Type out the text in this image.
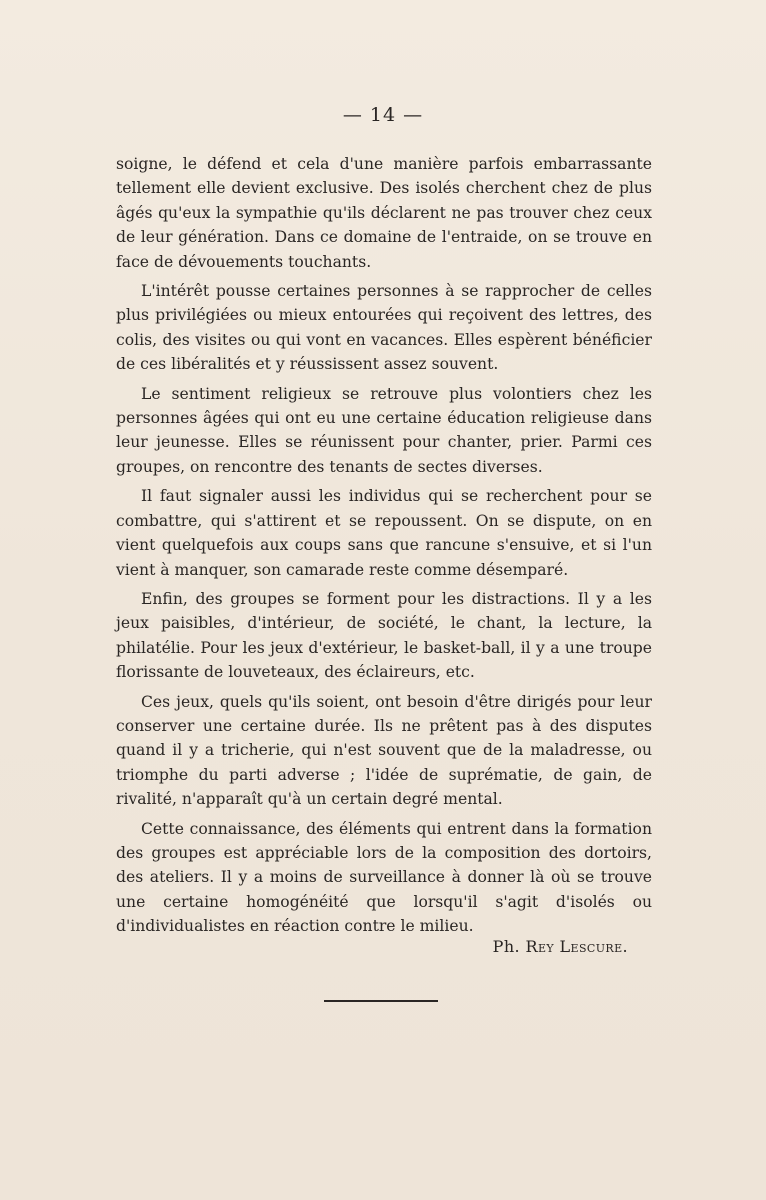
— 14 —

soigne, le défend et cela d'une manière parfois embarrassante tellement elle devient exclusive. Des isolés cherchent chez de plus âgés qu'eux la sympathie qu'ils déclarent ne pas trouver chez ceux de leur génération. Dans ce domaine de l'entraide, on se trouve en face de dévouements touchants.

L'intérêt pousse certaines personnes à se rapprocher de celles plus privilégiées ou mieux entourées qui reçoivent des lettres, des colis, des visites ou qui vont en vacances. Elles espèrent bénéficier de ces libéralités et y réussissent assez souvent.

Le sentiment religieux se retrouve plus volontiers chez les personnes âgées qui ont eu une certaine éducation religieuse dans leur jeunesse. Elles se réunissent pour chanter, prier. Parmi ces groupes, on rencontre des tenants de sectes diverses.

Il faut signaler aussi les individus qui se recherchent pour se combattre, qui s'attirent et se repoussent. On se dispute, on en vient quelquefois aux coups sans que rancune s'ensuive, et si l'un vient à manquer, son camarade reste comme désemparé.

Enfin, des groupes se forment pour les distractions. Il y a les jeux paisibles, d'intérieur, de société, le chant, la lecture, la philatélie. Pour les jeux d'extérieur, le basket-ball, il y a une troupe florissante de louveteaux, des éclaireurs, etc.

Ces jeux, quels qu'ils soient, ont besoin d'être dirigés pour leur conserver une certaine durée. Ils ne prêtent pas à des disputes quand il y a tricherie, qui n'est souvent que de la maladresse, ou triomphe du parti adverse ; l'idée de suprématie, de gain, de rivalité, n'apparaît qu'à un certain degré mental.

Cette connaissance, des éléments qui entrent dans la formation des groupes est appréciable lors de la composition des dortoirs, des ateliers. Il y a moins de surveillance à donner là où se trouve une certaine homogénéité que lorsqu'il s'agit d'isolés ou d'individualistes en réaction contre le milieu.

Ph. Rey Lescure.
